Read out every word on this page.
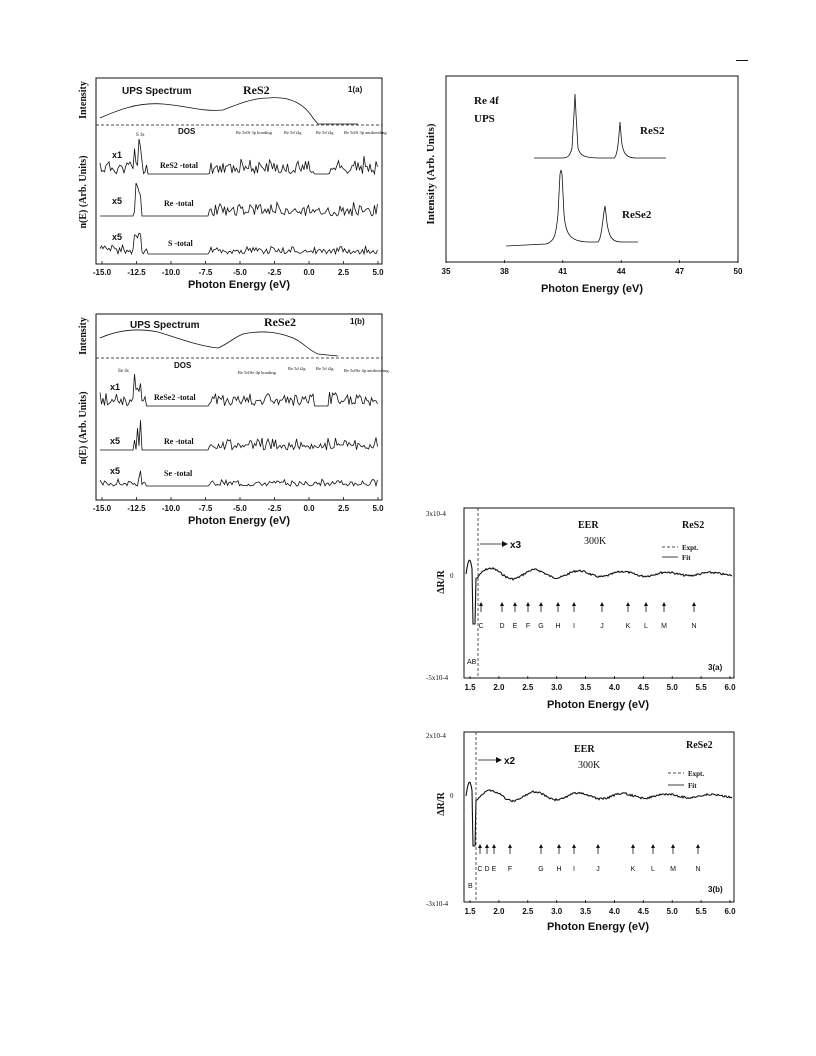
Intensity
n(E) (Arb. Units)
UPS Spectrum	ReS2	1(a)
DOS
S 3s
Re 5d/S 3p bonding	Re 5d t2g	Re 5d t2g Re 5d/S 3p antibonding
x1
ReS2 -total
x5	Re -total
x5
S -total
-15.0 -12.5 -10.0 -7.5	-5.0	-2.5	0.0	2.5	5.0
Photon Energy (eV)
Intensity
n(E) (Arb. Units)
UPS Spectrum	ReSe2	1(b)
DOS
Se 4s	Re 5d/Se 4p bonding
Re 5d t2g Re 5d t2g Re 5d/Se 4p antibonding
x1
ReSe2 -total
x5	Re -total
x5	Se -total
-15.0 -12.5 -10.0 -7.5	-5.0	-2.5	0.0	2.5	5.0
Photon Energy (eV)
Intensity (Arb. Units)
Re 4f
UPS
ReS2
ReSe2
35	38	41	44	47	50
Photon Energy (eV)
ΔR/R
3x10-4
0
-5x10-4
x3
EER
300K
ReS2
Expt.
Fit
C D E F G H I	J	K L M	N
AB
3(a)
1.5 2.0 2.5 3.0 3.5 4.0 4.5 5.0 5.5 6.0
Photon Energy (eV)
ΔR/R
2x10-4
0
-3x10-4
x2
EER
300K
ReSe2
Expt.
Fit
C D E F	G H I	J	K L M	N
B	3(b)
1.5 2.0 2.5 3.0 3.5 4.0 4.5 5.0 5.5 6.0
Photon Energy (eV)
